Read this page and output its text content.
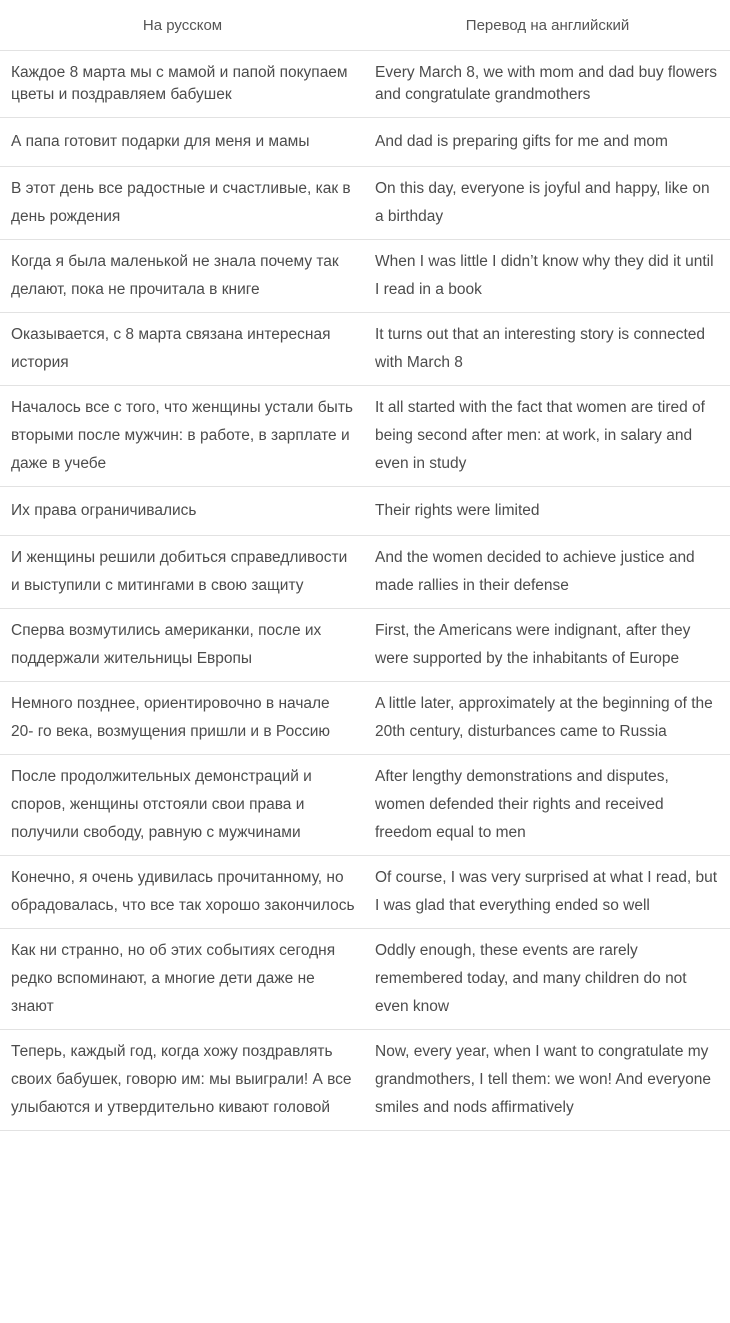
На русском	Перевод на английский
Каждое 8 марта мы с мамой и папой покупаем цветы и поздравляем бабушек	Every March 8, we with mom and dad buy flowers and congratulate grandmothers
А папа готовит подарки для меня и мамы	And dad is preparing gifts for me and mom
В этот день все радостные и счастливые, как в день рождения	On this day, everyone is joyful and happy, like on a birthday
Когда я была маленькой не знала почему так делают, пока не прочитала в книге	When I was little I didn’t know why they did it until I read in a book
Оказывается, с 8 марта связана интересная история	It turns out that an interesting story is connected with March 8
Началось все с того, что женщины устали быть вторыми после мужчин: в работе, в зарплате и даже в учебе	It all started with the fact that women are tired of being second after men: at work, in salary and even in study
Их права ограничивались	Their rights were limited
И женщины решили добиться справедливости и выступили с митингами в свою защиту	And the women decided to achieve justice and made rallies in their defense
Сперва возмутились американки, после их поддержали жительницы Европы	First, the Americans were indignant, after they were supported by the inhabitants of Europe
Немного позднее, ориентировочно в начале 20- го века, возмущения пришли и в Россию	A little later, approximately at the beginning of the 20th century, disturbances came to Russia
После продолжительных демонстраций и споров, женщины отстояли свои права и получили свободу, равную с мужчинами	After lengthy demonstrations and disputes, women defended their rights and received freedom equal to men
Конечно, я очень удивилась прочитанному, но обрадовалась, что все так хорошо закончилось	Of course, I was very surprised at what I read, but I was glad that everything ended so well
Как ни странно, но об этих событиях сегодня редко вспоминают, а многие дети даже не знают	Oddly enough, these events are rarely remembered today, and many children do not even know
Теперь, каждый год, когда хожу поздравлять своих бабушек, говорю им: мы выиграли! А все улыбаются и утвердительно кивают головой	Now, every year, when I want to congratulate my grandmothers, I tell them: we won! And everyone smiles and nods affirmatively
